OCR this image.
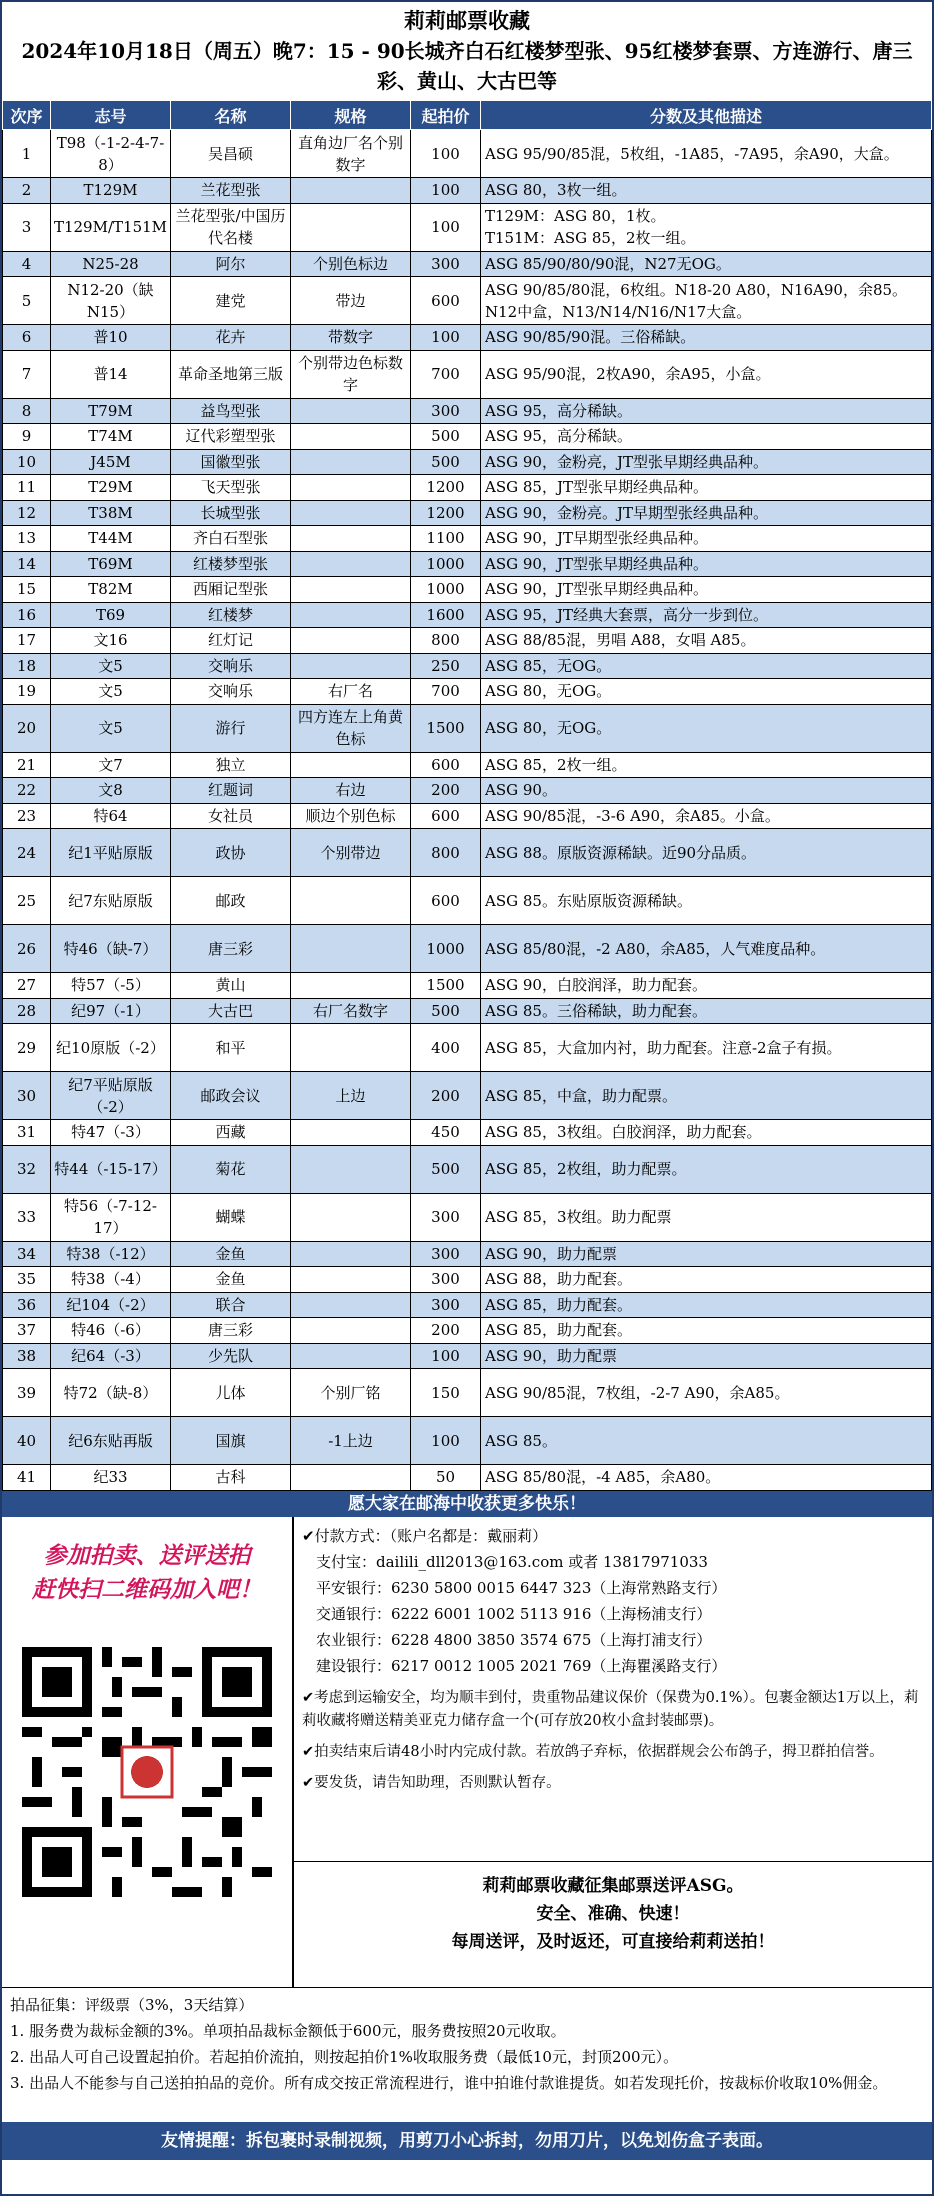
莉莉邮票收藏
2024年10月18日（周五）晚7：15 - 90长城齐白石红楼梦型张、95红楼梦套票、方连游行、唐三彩、黄山、大古巴等
次序	志号	名称	规格	起拍价	分数及其他描述
1	T98（-1-2-4-7-8）	吴昌硕	直角边厂名个别数字	100	ASG 95/90/85混，5枚组，-1A85，-7A95，余A90，大盒。
2	T129M	兰花型张		100	ASG 80，3枚一组。
3	T129M/T151M	兰花型张/中国历代名楼		100	T129M：ASG 80，1枚。
T151M：ASG 85，2枚一组。
4	N25-28	阿尔	个别色标边	300	ASG 85/90/80/90混，N27无OG。
5	N12-20（缺N15）	建党	带边	600	ASG 90/85/80混，6枚组。N18-20 A80，N16A90，余85。N12中盒，N13/N14/N16/N17大盒。
6	普10	花卉	带数字	100	ASG 90/85/90混。三俗稀缺。
7	普14	革命圣地第三版	个别带边色标数字	700	ASG 95/90混，2枚A90，余A95，小盒。
8	T79M	益鸟型张		300	ASG 95，高分稀缺。
9	T74M	辽代彩塑型张		500	ASG 95，高分稀缺。
10	J45M	国徽型张		500	ASG 90，金粉亮，JT型张早期经典品种。
11	T29M	飞天型张		1200	ASG 85，JT型张早期经典品种。
12	T38M	长城型张		1200	ASG 90，金粉亮。JT早期型张经典品种。
13	T44M	齐白石型张		1100	ASG 90，JT早期型张经典品种。
14	T69M	红楼梦型张		1000	ASG 90，JT型张早期经典品种。
15	T82M	西厢记型张		1000	ASG 90，JT型张早期经典品种。
16	T69	红楼梦		1600	ASG 95，JT经典大套票，高分一步到位。
17	文16	红灯记		800	ASG 88/85混，男唱 A88，女唱 A85。
18	文5	交响乐		250	ASG 85，无OG。
19	文5	交响乐	右厂名	700	ASG 80，无OG。
20	文5	游行	四方连左上角黄色标	1500	ASG 80，无OG。
21	文7	独立		600	ASG 85，2枚一组。
22	文8	红题词	右边	200	ASG 90。
23	特64	女社员	顺边个别色标	600	ASG 90/85混，-3-6 A90，余A85。小盒。
24	纪1平贴原版	政协	个别带边	800	ASG 88。原版资源稀缺。近90分品质。
25	纪7东贴原版	邮政		600	ASG 85。东贴原版资源稀缺。
26	特46（缺-7）	唐三彩		1000	ASG 85/80混，-2 A80，余A85，人气难度品种。
27	特57（-5）	黄山		1500	ASG 90，白胶润泽，助力配套。
28	纪97（-1）	大古巴	右厂名数字	500	ASG 85。三俗稀缺，助力配套。
29	纪10原版（-2）	和平		400	ASG 85，大盒加内衬，助力配套。注意-2盒子有损。
30	纪7平贴原版（-2）	邮政会议	上边	200	ASG 85，中盒，助力配票。
31	特47（-3）	西藏		450	ASG 85，3枚组。白胶润泽，助力配套。
32	特44（-15-17）	菊花		500	ASG 85，2枚组，助力配票。
33	特56（-7-12-17）	蝴蝶		300	ASG 85，3枚组。助力配票
34	特38（-12）	金鱼		300	ASG 90，助力配票
35	特38（-4）	金鱼		300	ASG 88，助力配套。
36	纪104（-2）	联合		300	ASG 85，助力配套。
37	特46（-6）	唐三彩		200	ASG 85，助力配套。
38	纪64（-3）	少先队		100	ASG 90，助力配票
39	特72（缺-8）	儿体	个别厂铭	150	ASG 90/85混，7枚组，-2-7 A90，余A85。
40	纪6东贴再版	国旗	-1上边	100	ASG 85。
41	纪33	古科		50	ASG 85/80混，-4 A85，余A80。
愿大家在邮海中收获更多快乐！
参加拍卖、送评送拍
赶快扫二维码加入吧！
✔付款方式：（账户名都是：戴丽莉）
支付宝：dailili_dll2013@163.com 或者 13817971033
平安银行：6230 5800 0015 6447 323（上海常熟路支行）
交通银行：6222 6001 1002 5113 916（上海杨浦支行）
农业银行：6228 4800 3850 3574 675（上海打浦支行）
建设银行：6217 0012 1005 2021 769（上海瞿溪路支行）
✔考虑到运输安全，均为顺丰到付，贵重物品建议保价（保费为0.1%）。包裹金额达1万以上，莉莉收藏将赠送精美亚克力储存盒一个(可存放20枚小盒封装邮票)。
✔拍卖结束后请48小时内完成付款。若放鸽子弃标，依据群规会公布鸽子，拇卫群拍信誉。
✔要发货，请告知助理，否则默认暂存。
莉莉邮票收藏征集邮票送评ASG。
安全、准确、快速！
每周送评，及时返还，可直接给莉莉送拍！
拍品征集：评级票（3%，3天结算）
1. 服务费为裁标金额的3%。单项拍品裁标金额低于600元，服务费按照20元收取。
2. 出品人可自己设置起拍价。若起拍价流拍，则按起拍价1%收取服务费（最低10元，封顶200元）。
3. 出品人不能参与自己送拍拍品的竞价。所有成交按正常流程进行，谁中拍谁付款谁提货。如若发现托价，按裁标价收取10%佣金。
友情提醒：拆包裹时录制视频，用剪刀小心拆封，勿用刀片，以免划伤盒子表面。
